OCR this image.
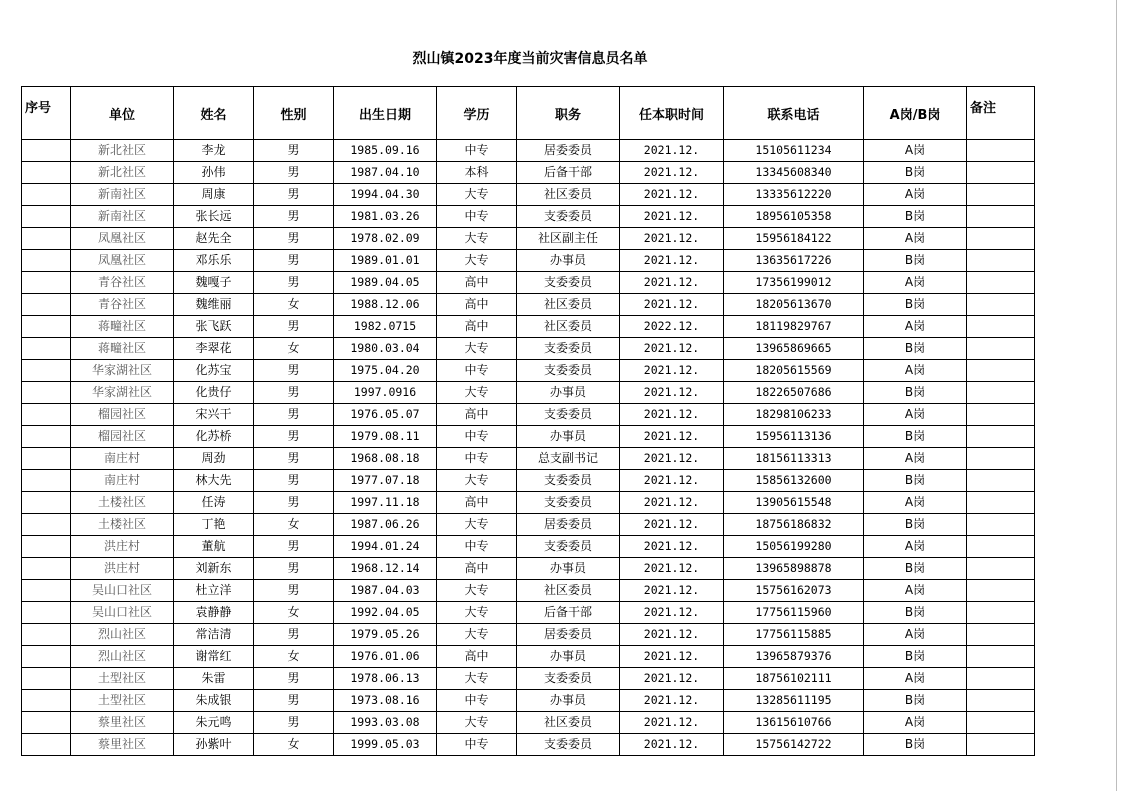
烈山镇2023年度当前灾害信息员名单
序号	单位	姓名	性别	出生日期	学历	职务	任本职时间	联系电话	A岗/B岗	备注
	新北社区	李龙	男	1985.09.16	中专	居委委员	2021.12.	15105611234	A岗	
	新北社区	孙伟	男	1987.04.10	本科	后备干部	2021.12.	13345608340	B岗	
	新南社区	周康	男	1994.04.30	大专	社区委员	2021.12.	13335612220	A岗	
	新南社区	张长远	男	1981.03.26	中专	支委委员	2021.12.	18956105358	B岗	
	凤凰社区	赵先全	男	1978.02.09	大专	社区副主任	2021.12.	15956184122	A岗	
	凤凰社区	邓乐乐	男	1989.01.01	大专	办事员	2021.12.	13635617226	B岗	
	青谷社区	魏嘎子	男	1989.04.05	高中	支委委员	2021.12.	17356199012	A岗	
	青谷社区	魏维丽	女	1988.12.06	高中	社区委员	2021.12.	18205613670	B岗	
	蒋疃社区	张飞跃	男	1982.0715	高中	社区委员	2022.12.	18119829767	A岗	
	蒋疃社区	李翠花	女	1980.03.04	大专	支委委员	2021.12.	13965869665	B岗	
	华家湖社区	化苏宝	男	1975.04.20	中专	支委委员	2021.12.	18205615569	A岗	
	华家湖社区	化贵仔	男	1997.0916	大专	办事员	2021.12.	18226507686	B岗	
	榴园社区	宋兴干	男	1976.05.07	高中	支委委员	2021.12.	18298106233	A岗	
	榴园社区	化苏桥	男	1979.08.11	中专	办事员	2021.12.	15956113136	B岗	
	南庄村	周劲	男	1968.08.18	中专	总支副书记	2021.12.	18156113313	A岗	
	南庄村	林大先	男	1977.07.18	大专	支委委员	2021.12.	15856132600	B岗	
	土楼社区	任涛	男	1997.11.18	高中	支委委员	2021.12.	13905615548	A岗	
	土楼社区	丁艳	女	1987.06.26	大专	居委委员	2021.12.	18756186832	B岗	
	洪庄村	董航	男	1994.01.24	中专	支委委员	2021.12.	15056199280	A岗	
	洪庄村	刘新东	男	1968.12.14	高中	办事员	2021.12.	13965898878	B岗	
	吴山口社区	杜立洋	男	1987.04.03	大专	社区委员	2021.12.	15756162073	A岗	
	吴山口社区	袁静静	女	1992.04.05	大专	后备干部	2021.12.	17756115960	B岗	
	烈山社区	常洁清	男	1979.05.26	大专	居委委员	2021.12.	17756115885	A岗	
	烈山社区	谢常红	女	1976.01.06	高中	办事员	2021.12.	13965879376	B岗	
	土型社区	朱雷	男	1978.06.13	大专	支委委员	2021.12.	18756102111	A岗	
	土型社区	朱成银	男	1973.08.16	中专	办事员	2021.12.	13285611195	B岗	
	蔡里社区	朱元鸣	男	1993.03.08	大专	社区委员	2021.12.	13615610766	A岗	
	蔡里社区	孙紫叶	女	1999.05.03	中专	支委委员	2021.12.	15756142722	B岗	
